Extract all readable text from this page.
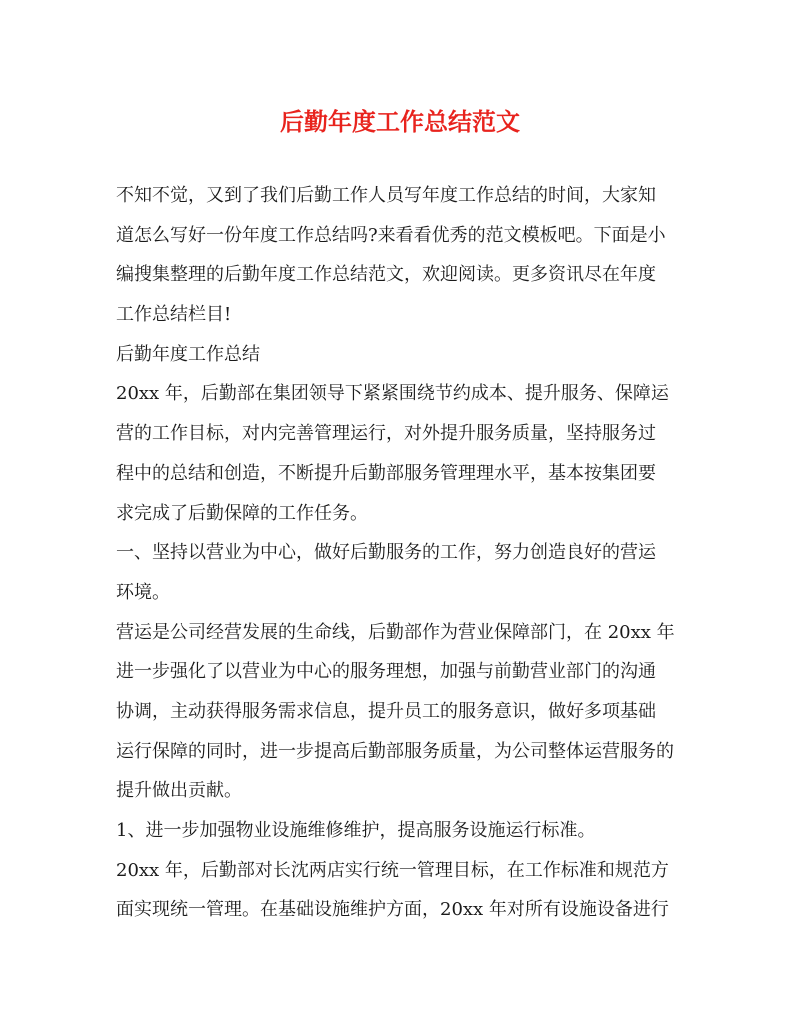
后勤年度工作总结范文
不知不觉，又到了我们后勤工作人员写年度工作总结的时间，大家知
道怎么写好一份年度工作总结吗?来看看优秀的范文模板吧。下面是小
编搜集整理的后勤年度工作总结范文，欢迎阅读。更多资讯尽在年度
工作总结栏目!
后勤年度工作总结
20xx 年，后勤部在集团领导下紧紧围绕节约成本、提升服务、保障运
营的工作目标，对内完善管理运行，对外提升服务质量，坚持服务过
程中的总结和创造，不断提升后勤部服务管理理水平，基本按集团要
求完成了后勤保障的工作任务。
一、坚持以营业为中心，做好后勤服务的工作，努力创造良好的营运
环境。
营运是公司经营发展的生命线，后勤部作为营业保障部门，在 20xx 年
进一步强化了以营业为中心的服务理想，加强与前勤营业部门的沟通
协调，主动获得服务需求信息，提升员工的服务意识，做好多项基础
运行保障的同时，进一步提高后勤部服务质量，为公司整体运营服务的
提升做出贡献。
1、进一步加强物业设施维修维护，提高服务设施运行标准。
20xx 年，后勤部对长沈两店实行统一管理目标，在工作标准和规范方
面实现统一管理。在基础设施维护方面，20xx 年对所有设施设备进行
